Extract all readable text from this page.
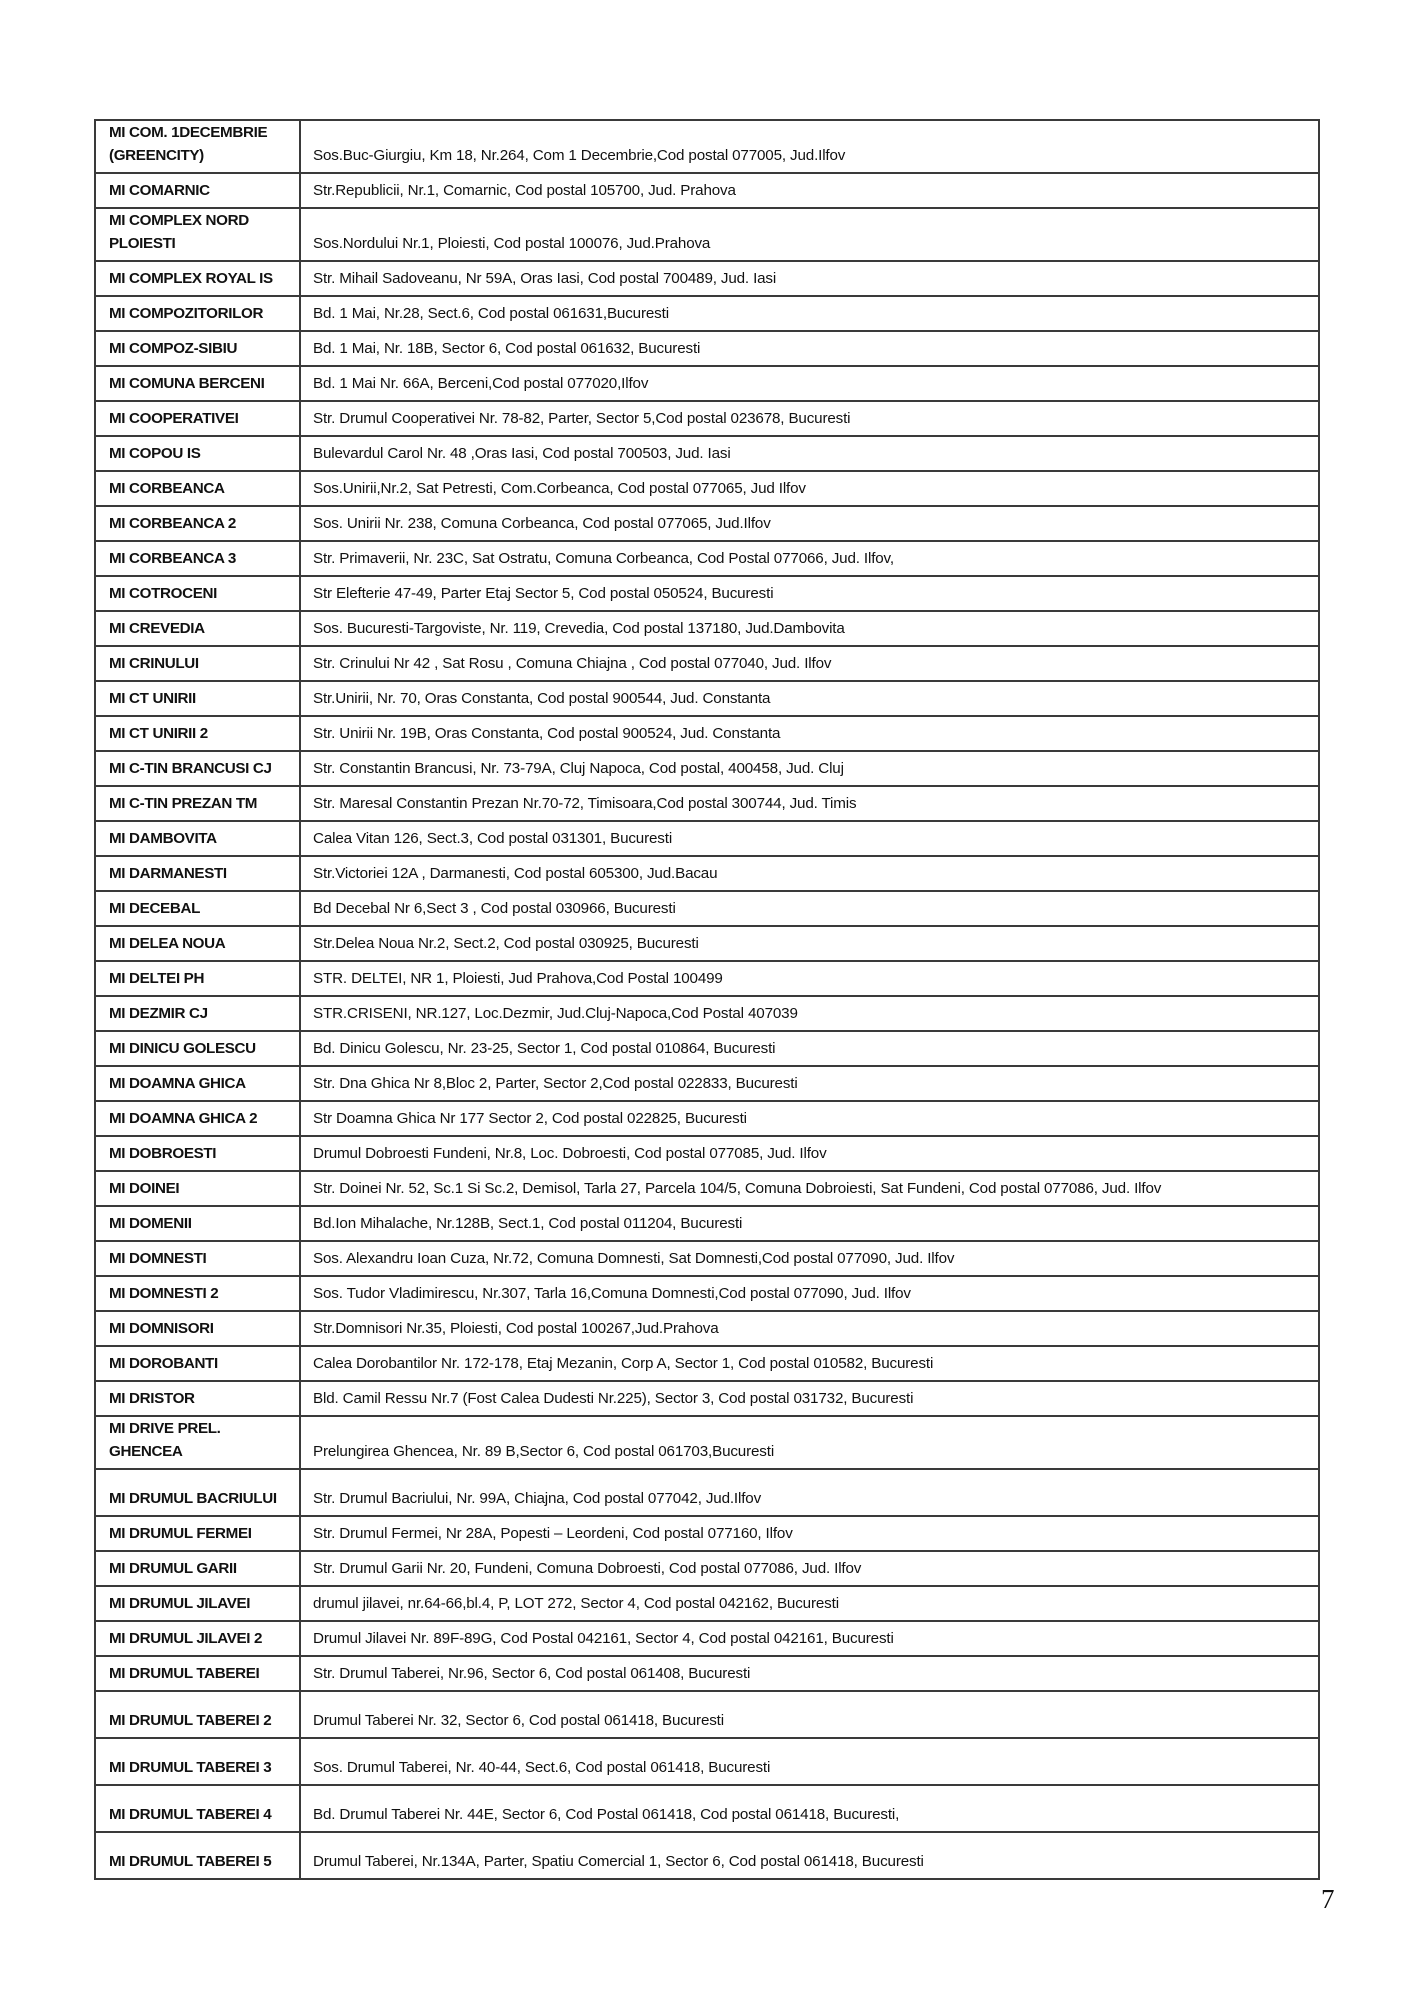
MI COM. 1DECEMBRIE (GREENCITY)	Sos.Buc-Giurgiu, Km 18, Nr.264, Com 1 Decembrie,Cod postal 077005, Jud.Ilfov
MI COMARNIC	Str.Republicii, Nr.1, Comarnic, Cod postal 105700, Jud. Prahova
MI COMPLEX NORD PLOIESTI	Sos.Nordului Nr.1, Ploiesti, Cod postal 100076, Jud.Prahova
MI COMPLEX ROYAL IS	Str. Mihail Sadoveanu, Nr 59A, Oras Iasi, Cod postal 700489, Jud. Iasi
MI COMPOZITORILOR	Bd. 1 Mai, Nr.28, Sect.6, Cod postal 061631,Bucuresti
MI COMPOZ-SIBIU	Bd. 1 Mai, Nr. 18B, Sector 6, Cod postal 061632, Bucuresti
MI COMUNA BERCENI	Bd. 1 Mai Nr. 66A, Berceni,Cod postal 077020,Ilfov
MI COOPERATIVEI	Str. Drumul Cooperativei Nr. 78-82, Parter, Sector 5,Cod postal 023678, Bucuresti
MI COPOU IS	Bulevardul Carol Nr. 48 ,Oras Iasi, Cod postal 700503, Jud. Iasi
MI CORBEANCA	Sos.Unirii,Nr.2, Sat Petresti, Com.Corbeanca, Cod postal 077065, Jud Ilfov
MI CORBEANCA 2	Sos. Unirii Nr. 238, Comuna Corbeanca, Cod postal 077065, Jud.Ilfov
MI CORBEANCA 3	Str. Primaverii, Nr. 23C, Sat Ostratu, Comuna Corbeanca, Cod Postal 077066, Jud. Ilfov,
MI COTROCENI	Str Elefterie 47-49, Parter Etaj Sector 5, Cod postal 050524, Bucuresti
MI CREVEDIA	Sos. Bucuresti-Targoviste, Nr. 119, Crevedia, Cod postal 137180, Jud.Dambovita
MI CRINULUI	Str. Crinului Nr 42 , Sat Rosu , Comuna Chiajna , Cod postal 077040, Jud. Ilfov
MI CT UNIRII	Str.Unirii, Nr. 70, Oras Constanta, Cod postal 900544, Jud. Constanta
MI CT UNIRII 2	Str. Unirii Nr. 19B, Oras Constanta, Cod postal 900524, Jud. Constanta
MI C-TIN BRANCUSI CJ	Str. Constantin Brancusi, Nr. 73-79A, Cluj Napoca, Cod postal, 400458, Jud. Cluj
MI C-TIN PREZAN TM	Str. Maresal Constantin Prezan Nr.70-72, Timisoara,Cod postal 300744, Jud. Timis
MI DAMBOVITA	Calea Vitan 126, Sect.3, Cod postal 031301, Bucuresti
MI DARMANESTI	Str.Victoriei 12A , Darmanesti, Cod postal 605300, Jud.Bacau
MI DECEBAL	Bd Decebal Nr 6,Sect 3 , Cod postal 030966, Bucuresti
MI DELEA NOUA	Str.Delea Noua Nr.2, Sect.2, Cod postal 030925, Bucuresti
MI DELTEI PH	STR. DELTEI, NR 1, Ploiesti, Jud Prahova,Cod Postal 100499
MI DEZMIR CJ	STR.CRISENI, NR.127, Loc.Dezmir, Jud.Cluj-Napoca,Cod Postal 407039
MI DINICU GOLESCU	Bd. Dinicu Golescu, Nr. 23-25, Sector 1, Cod postal 010864, Bucuresti
MI DOAMNA GHICA	Str. Dna Ghica Nr 8,Bloc 2, Parter, Sector 2,Cod postal 022833, Bucuresti
MI DOAMNA GHICA 2	Str Doamna Ghica Nr 177 Sector 2, Cod postal 022825, Bucuresti
MI DOBROESTI	Drumul Dobroesti Fundeni, Nr.8, Loc. Dobroesti, Cod postal 077085, Jud. Ilfov
MI DOINEI	Str. Doinei Nr. 52, Sc.1 Si Sc.2, Demisol, Tarla 27, Parcela 104/5, Comuna Dobroiesti, Sat Fundeni, Cod postal 077086, Jud. Ilfov
MI DOMENII	Bd.Ion Mihalache, Nr.128B, Sect.1, Cod postal 011204, Bucuresti
MI DOMNESTI	Sos. Alexandru Ioan Cuza, Nr.72, Comuna Domnesti, Sat Domnesti,Cod postal 077090, Jud. Ilfov
MI DOMNESTI 2	Sos. Tudor Vladimirescu, Nr.307, Tarla 16,Comuna Domnesti,Cod postal 077090, Jud. Ilfov
MI DOMNISORI	Str.Domnisori Nr.35, Ploiesti, Cod postal 100267,Jud.Prahova
MI DOROBANTI	Calea Dorobantilor Nr. 172-178, Etaj Mezanin, Corp A, Sector 1, Cod postal 010582, Bucuresti
MI DRISTOR	Bld. Camil Ressu Nr.7 (Fost Calea Dudesti Nr.225), Sector 3, Cod postal 031732, Bucuresti
MI DRIVE PREL. GHENCEA	Prelungirea Ghencea, Nr. 89 B,Sector 6, Cod postal 061703,Bucuresti
MI DRUMUL BACRIULUI	Str. Drumul Bacriului, Nr. 99A, Chiajna, Cod postal 077042, Jud.Ilfov
MI DRUMUL FERMEI	Str. Drumul Fermei, Nr 28A, Popesti – Leordeni, Cod postal 077160, Ilfov
MI DRUMUL GARII	Str. Drumul Garii Nr. 20, Fundeni, Comuna Dobroesti, Cod postal 077086, Jud. Ilfov
MI DRUMUL JILAVEI	drumul jilavei, nr.64-66,bl.4, P, LOT 272, Sector 4, Cod postal 042162, Bucuresti
MI DRUMUL JILAVEI 2	Drumul Jilavei Nr. 89F-89G, Cod Postal 042161, Sector 4, Cod postal 042161, Bucuresti
MI DRUMUL TABEREI	Str. Drumul Taberei, Nr.96, Sector 6, Cod postal 061408, Bucuresti
MI DRUMUL TABEREI 2	Drumul Taberei Nr. 32, Sector 6, Cod postal 061418, Bucuresti
MI DRUMUL TABEREI 3	Sos. Drumul Taberei, Nr. 40-44, Sect.6, Cod postal 061418, Bucuresti
MI DRUMUL TABEREI 4	Bd. Drumul Taberei Nr. 44E, Sector 6, Cod Postal 061418, Cod postal 061418, Bucuresti,
MI DRUMUL TABEREI 5	Drumul Taberei, Nr.134A, Parter, Spatiu Comercial 1, Sector 6, Cod postal 061418, Bucuresti
7
